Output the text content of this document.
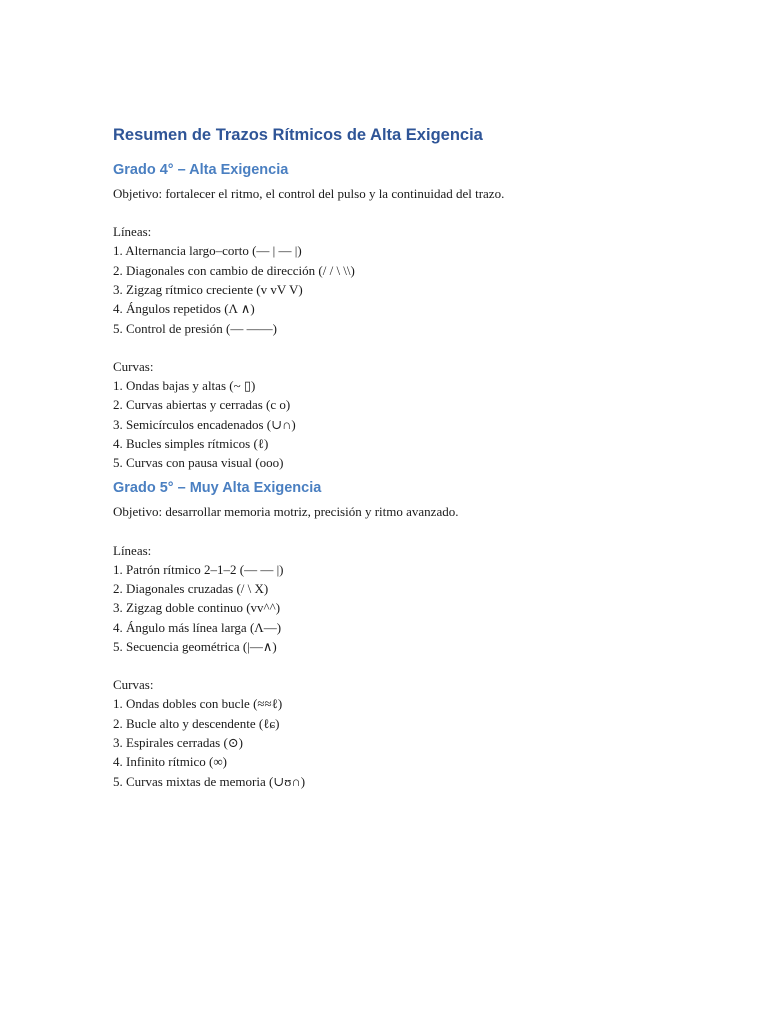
Resumen de Trazos Rítmicos de Alta Exigencia
Grado 4° – Alta Exigencia
Objetivo: fortalecer el ritmo, el control del pulso y la continuidad del trazo.
Líneas:
1. Alternancia largo–corto (— | — |)
2. Diagonales con cambio de dirección (/ / \ \\)
3. Zigzag rítmico creciente (v vV V)
4. Ángulos repetidos (Λ ∧)
5. Control de presión (— ——)
Curvas:
1. Ondas bajas y altas (~ ▯)
2. Curvas abiertas y cerradas (c o)
3. Semicírculos encadenados (∪∩)
4. Bucles simples rítmicos (ℓ)
5. Curvas con pausa visual (ooo)
Grado 5° – Muy Alta Exigencia
Objetivo: desarrollar memoria motriz, precisión y ritmo avanzado.
Líneas:
1. Patrón rítmico 2–1–2 (— — |)
2. Diagonales cruzadas (/ \ X)
3. Zigzag doble continuo (vv^^)
4. Ángulo más línea larga (Λ—)
5. Secuencia geométrica (|—∧)
Curvas:
1. Ondas dobles con bucle (≈≈ℓ)
2. Bucle alto y descendente (ℓɕ)
3. Espirales cerradas (⊙)
4. Infinito rítmico (∞)
5. Curvas mixtas de memoria (∪ʊ∩)
